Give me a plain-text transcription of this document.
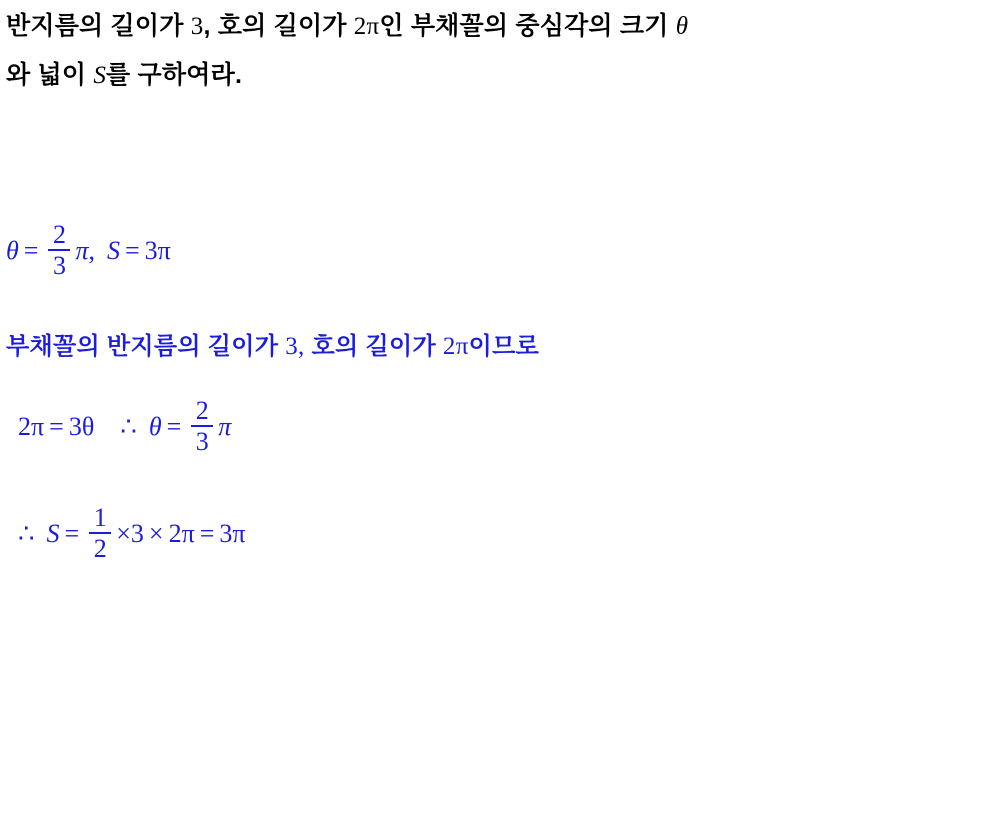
반지름의 길이가 3, 호의 길이가 2π인 부채꼴의 중심각의 크기 θ
와 넓이 S를 구하여라.
$\theta = \frac{2}{3}$ π , S = 3π
부채꼴의 반지름의 길이가 3, 호의 길이가 2π이므로
2π = 3θ ∴ $\theta = \frac{2}{3}$ π
∴ $S = \frac{1}{2} \times 3 \times 2\pi = 3\pi$
